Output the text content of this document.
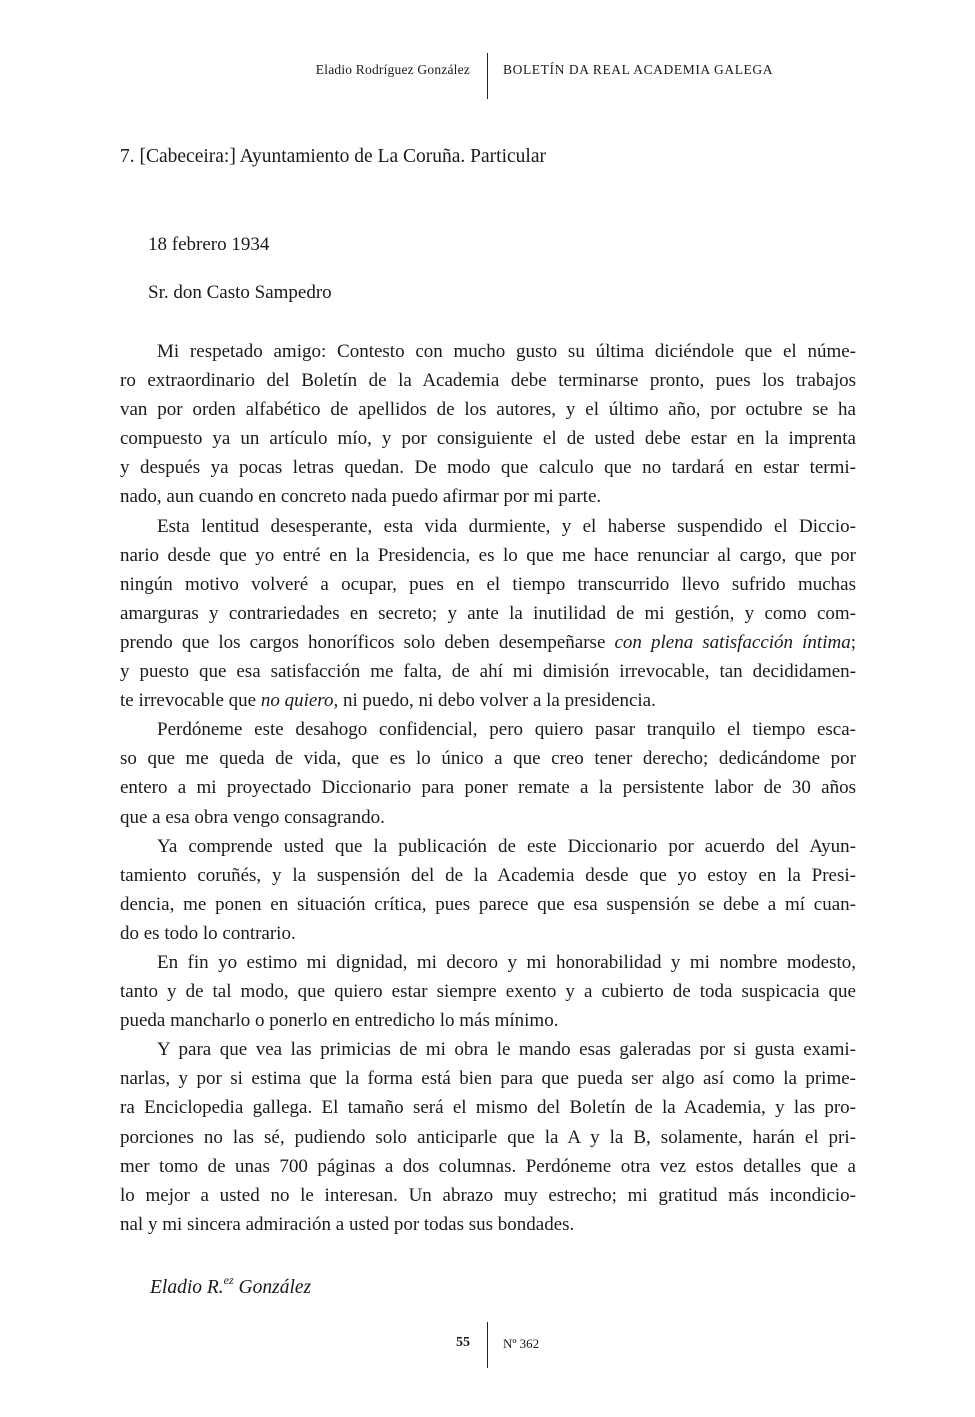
Eladio Rodríguez González BOLETÍN DA REAL ACADEMIA GALEGA
7. [Cabeceira:] Ayuntamiento de La Coruña. Particular
18 febrero 1934
Sr. don Casto Sampedro
Mi respetado amigo: Contesto con mucho gusto su última diciéndole que el núme-
ro extraordinario del Boletín de la Academia debe terminarse pronto, pues los trabajos
van por orden alfabético de apellidos de los autores, y el último año, por octubre se ha
compuesto ya un artículo mío, y por consiguiente el de usted debe estar en la imprenta
y después ya pocas letras quedan. De modo que calculo que no tardará en estar termi-
nado, aun cuando en concreto nada puedo afirmar por mi parte.
Esta lentitud desesperante, esta vida durmiente, y el haberse suspendido el Diccio-
nario desde que yo entré en la Presidencia, es lo que me hace renunciar al cargo, que por
ningún motivo volveré a ocupar, pues en el tiempo transcurrido llevo sufrido muchas
amarguras y contrariedades en secreto; y ante la inutilidad de mi gestión, y como com-
prendo que los cargos honoríficos solo deben desempeñarse con plena satisfacción íntima;
y puesto que esa satisfacción me falta, de ahí mi dimisión irrevocable, tan decididamen-
te irrevocable que no quiero, ni puedo, ni debo volver a la presidencia.
Perdóneme este desahogo confidencial, pero quiero pasar tranquilo el tiempo esca-
so que me queda de vida, que es lo único a que creo tener derecho; dedicándome por
entero a mi proyectado Diccionario para poner remate a la persistente labor de 30 años
que a esa obra vengo consagrando.
Ya comprende usted que la publicación de este Diccionario por acuerdo del Ayun-
tamiento coruñés, y la suspensión del de la Academia desde que yo estoy en la Presi-
dencia, me ponen en situación crítica, pues parece que esa suspensión se debe a mí cuan-
do es todo lo contrario.
En fin yo estimo mi dignidad, mi decoro y mi honorabilidad y mi nombre modesto,
tanto y de tal modo, que quiero estar siempre exento y a cubierto de toda suspicacia que
pueda mancharlo o ponerlo en entredicho lo más mínimo.
Y para que vea las primicias de mi obra le mando esas galeradas por si gusta exami-
narlas, y por si estima que la forma está bien para que pueda ser algo así como la prime-
ra Enciclopedia gallega. El tamaño será el mismo del Boletín de la Academia, y las pro-
porciones no las sé, pudiendo solo anticiparle que la A y la B, solamente, harán el pri-
mer tomo de unas 700 páginas a dos columnas. Perdóneme otra vez estos detalles que a
lo mejor a usted no le interesan. Un abrazo muy estrecho; mi gratitud más incondicio-
nal y mi sincera admiración a usted por todas sus bondades.
Eladio R.$^{ez}$ González
55	Nº 362
